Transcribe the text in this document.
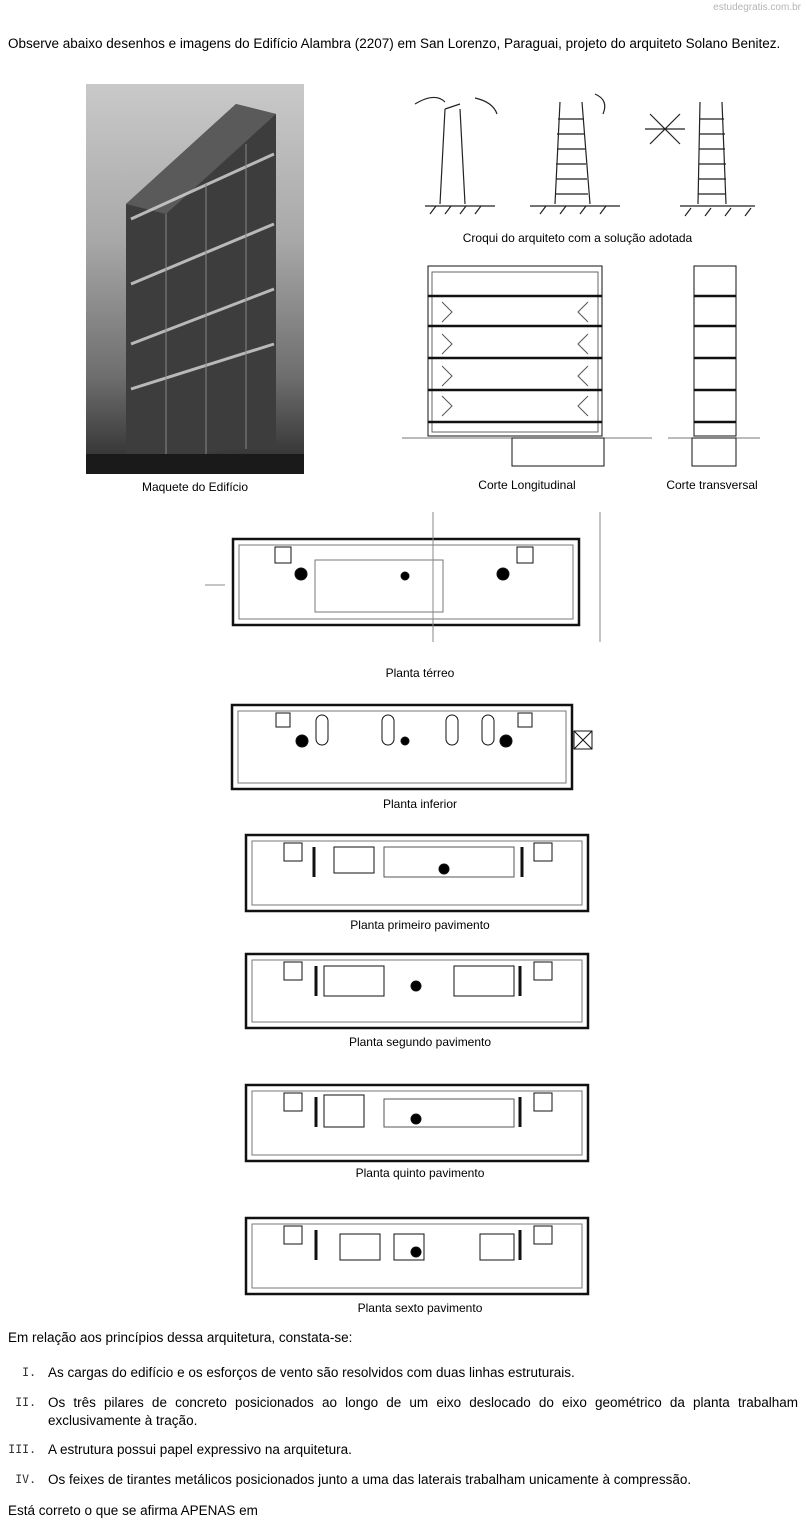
estudegratis.com.br
Observe abaixo desenhos e imagens do Edifício Alambra (2207) em San Lorenzo, Paraguai, projeto do arquiteto Solano Benitez.
Maquete do Edifício
Croqui do arquiteto com a solução adotada
Corte Longitudinal	Corte transversal
Planta térreo
Planta inferior
Planta primeiro pavimento
Planta segundo pavimento
Planta quinto pavimento
Planta sexto pavimento
Em relação aos princípios dessa arquitetura, constata-se:
I. As cargas do edifício e os esforços de vento são resolvidos com duas linhas estruturais.
II. Os três pilares de concreto posicionados ao longo de um eixo deslocado do eixo geométrico da planta trabalham exclusivamente à tração.
III. A estrutura possui papel expressivo na arquitetura.
IV. Os feixes de tirantes metálicos posicionados junto a uma das laterais trabalham unicamente à compressão.
Está correto o que se afirma APENAS em
